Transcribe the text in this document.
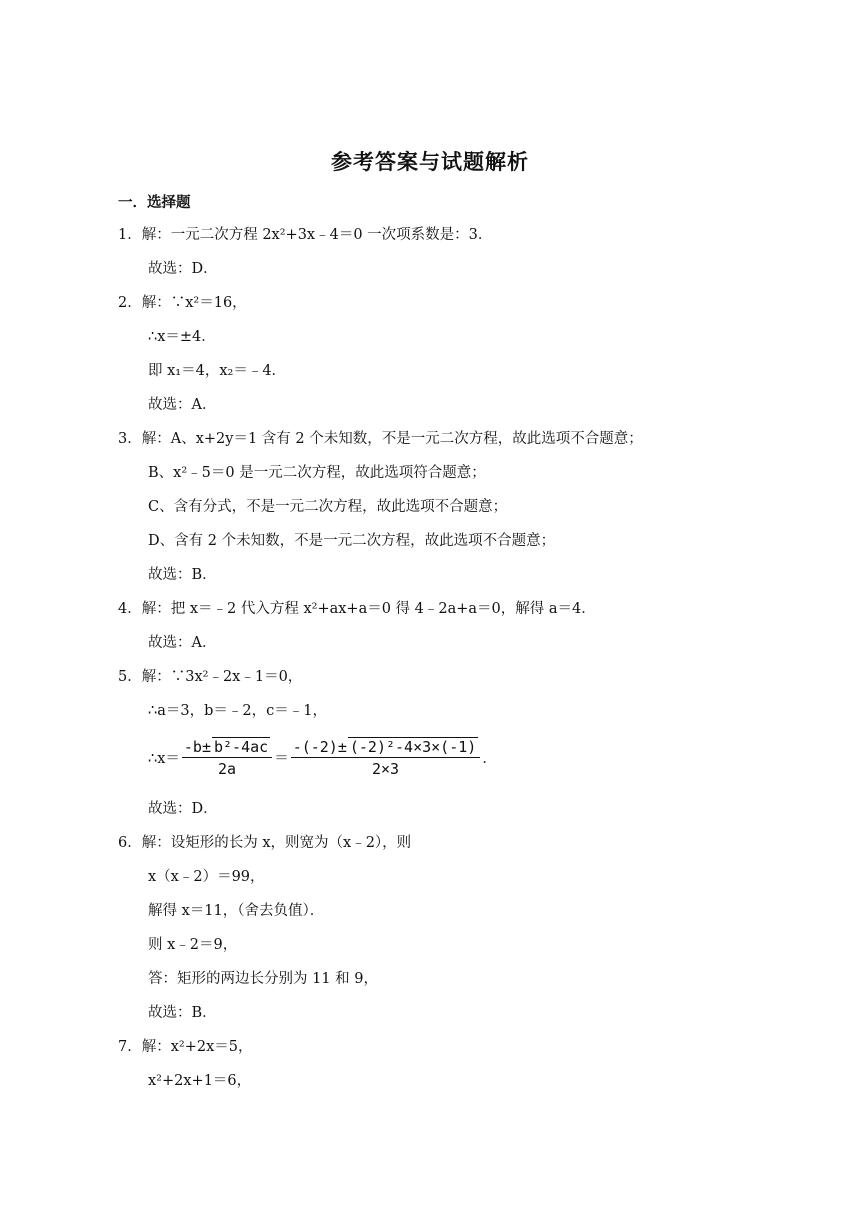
参考答案与试题解析
一．选择题
1．解：一元二次方程 2x²+3x﹣4＝0 一次项系数是：3．
故选：D．
2．解：∵x²＝16，
∴x＝±4．
即 x₁＝4，x₂＝﹣4．
故选：A．
3．解：A、x+2y＝1 含有 2 个未知数，不是一元二次方程，故此选项不合题意；
B、x²﹣5＝0 是一元二次方程，故此选项符合题意；
C、含有分式，不是一元二次方程，故此选项不合题意；
D、含有 2 个未知数，不是一元二次方程，故此选项不合题意；
故选：B．
4．解：把 x＝﹣2 代入方程 x²+ax+a＝0 得 4﹣2a+a＝0，解得 a＝4．
故选：A．
5．解：∵3x²﹣2x﹣1＝0，
∴a＝3，b＝﹣2，c＝﹣1，
∴x＝ $\frac{\text{-b± b²-4ac}}{2a} = \frac{\text{-(-2)± (-2)²-4×3×(-1)}}{2\times 3}$ ．
故选：D．
6．解：设矩形的长为 x，则宽为（x﹣2），则
x（x﹣2）＝99，
解得 x＝11，（舍去负值）．
则 x﹣2＝9，
答：矩形的两边长分别为 11 和 9，
故选：B．
7．解：x²+2x＝5，
x²+2x+1＝6，
